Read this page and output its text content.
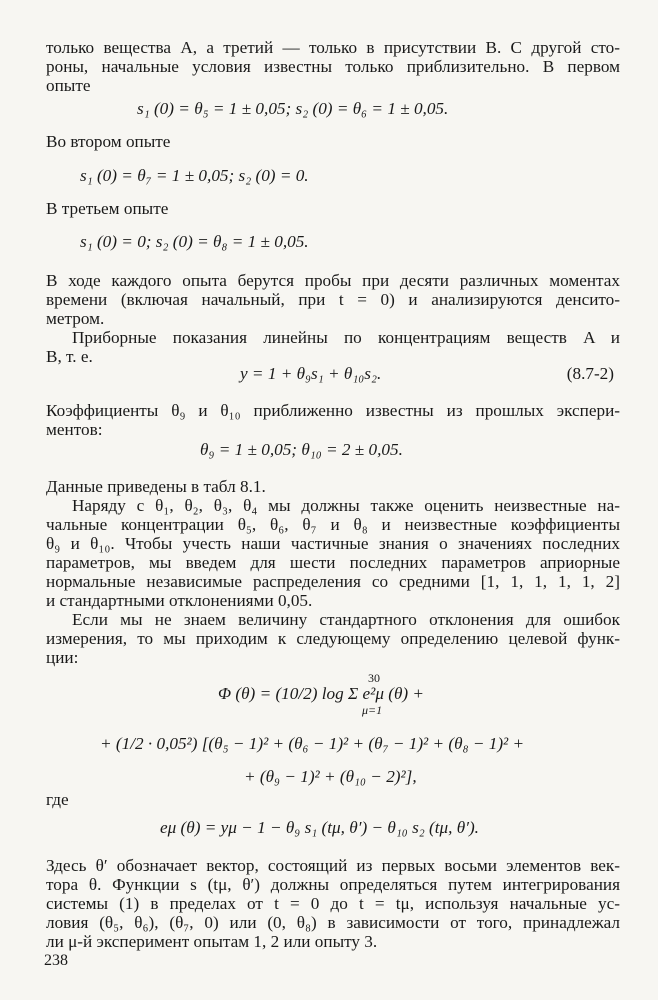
только вещества A, а третий — только в присутствии B. С другой сто-
роны, начальные условия известны только приблизительно. В первом
опыте
s₁ (0) = θ₅ = 1 ± 0,05; s₂ (0) = θ₆ = 1 ± 0,05.
Во втором опыте
s₁ (0) = θ₇ = 1 ± 0,05; s₂ (0) = 0.
В третьем опыте
s₁ (0) = 0; s₂ (0) = θ₈ = 1 ± 0,05.
В ходе каждого опыта берутся пробы при десяти различных моментах
времени (включая начальный, при t = 0) и анализируются денсито-
метром.
Приборные показания линейны по концентрациям веществ A и
B, т. е.
y = 1 + θ₉s₁ + θ₁₀s₂.	(8.7-2)
Коэффициенты θ₉ и θ₁₀ приближенно известны из прошлых экспери-
ментов:
θ₉ = 1 ± 0,05; θ₁₀ = 2 ± 0,05.
Данные приведены в табл 8.1.
Наряду с θ₁, θ₂, θ₃, θ₄ мы должны также оценить неизвестные на-
чальные концентрации θ₅, θ₆, θ₇ и θ₈ и неизвестные коэффициенты
θ₉ и θ₁₀. Чтобы учесть наши частичные знания о значениях последних
параметров, мы введем для шести последних параметров априорные
нормальные независимые распределения со средними [1, 1, 1, 1, 1, 2]
и стандартными отклонениями 0,05.
Если мы не знаем величину стандартного отклонения для ошибок
измерения, то мы приходим к следующему определению целевой функ-
ции:
30
Φ (θ) = (10/2) log Σ e²μ (θ) +
μ=1
+ (1/2 · 0,05²) [(θ₅ − 1)² + (θ₆ − 1)² + (θ₇ − 1)² + (θ₈ − 1)² +
+ (θ₉ − 1)² + (θ₁₀ − 2)²],
где
eμ (θ) = yμ − 1 − θ₉ s₁ (tμ, θ′) − θ₁₀ s₂ (tμ, θ′).
Здесь θ′ обозначает вектор, состоящий из первых восьми элементов век-
тора θ. Функции s (tμ, θ′) должны определяться путем интегрирования
системы (1) в пределах от t = 0 до t = tμ, используя начальные ус-
ловия (θ₅, θ₆), (θ₇, 0) или (0, θ₈) в зависимости от того, принадлежал
ли μ-й эксперимент опытам 1, 2 или опыту 3.
238
